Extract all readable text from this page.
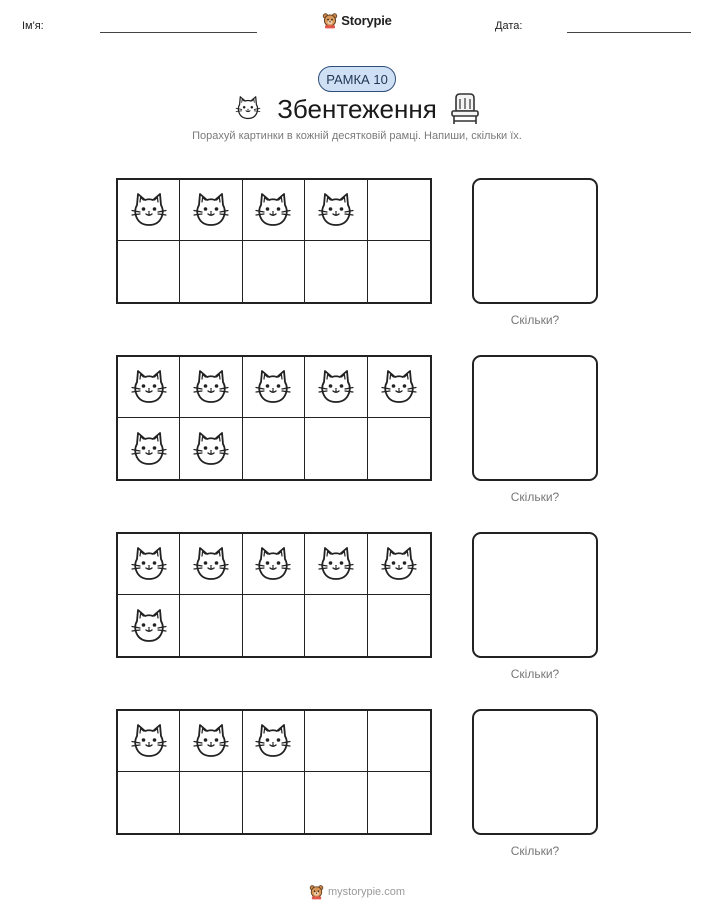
Ім'я:	Storypie	Дата:
РАМКА 10
Збентеження
Порахуй картинки в кожній десятковій рамці. Напиши, скільки їх.
Скільки?
Скільки?
Скільки?
Скільки?
mystorypie.com
